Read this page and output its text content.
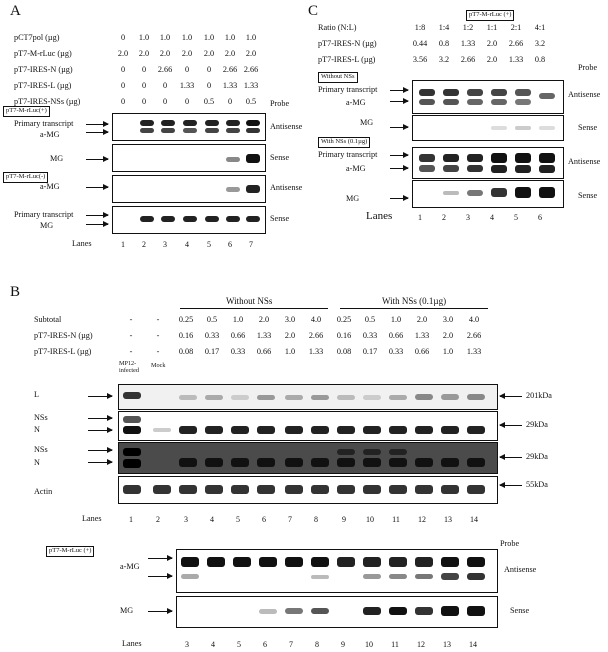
A
pCT7pol (µg)	0	1.0	1.0	1.0	1.0	1.0	1.0
pT7-M-rLuc (µg)	2.0	2.0	2.0	2.0	2.0	2.0	2.0
pT7-IRES-N (µg)	0	0	2.66	0	0	2.66 2.66
pT7-IRES-L (µg)	0	0	0	1.33	0	1.33 1.33
pT7-IRES-NSs (µg)	0	0	0	0	0.5	0	0.5	Probe
pT7-M-rLuc(+)
Primary transcript
a-MG
Antisense
MG	Sense
pT7-M-rLuc(-)
a-MG	Antisense
Primary transcript
MG
Sense
Lanes	1	2	3	4	5	6	7
C	pT7-M-rLuc (+)
Ratio (N:L)	1:8	1:4	1:2	1:1	2:1	4:1
pT7-IRES-N (µg)	0.44	0.8	1.33	2.0	2.66	3.2
pT7-IRES-L (µg)	3.56	3.2	2.66	2.0	1.33	0.8
Probe
Without NSs
Primary transcript
a-MG
Antisense
MG
Sense
With NSs (0.1µg)
Primary transcript
a-MG
Antisense
MG	Sense
Lanes	1	2	3	4	5	6
B
Without NSs	With NSs (0.1µg)
Subtotal	-	-	0.25	0.5	1.0	2.0	3.0	4.0	0.25	0.5	1.0	2.0	3.0	4.0
pT7-IRES-N (µg)	-	-	0.16	0.33	0.66	1.33	2.0	2.66	0.16	0.33	0.66	1.33	2.0	2.66
pT7-IRES-L (µg)	-	-	0.08	0.17	0.33	0.66	1.0	1.33	0.08	0.17	0.33	0.66	1.0	1.33
MP12-infected
Mock
L	201kDa
NSs
N
29kDa
NSs
N
29kDa
Actin
55kDa
Lanes	1	2	3	4	5	6	7	8	9	10	11	12	13	14
pT7-M-rLuc (+)
Probe
a-MG	Antisense
MG	Sense
Lanes	3	4	5	6	7	8	9	10	11	12	13	14
